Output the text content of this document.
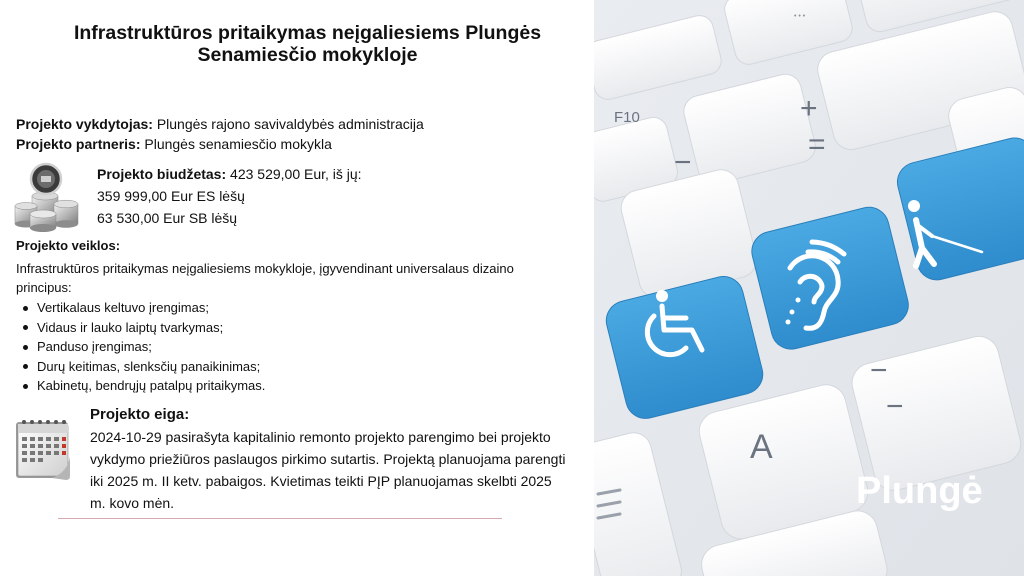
Infrastruktūros pritaikymas neįgaliesiems Plungės
Senamiesčio mokykloje
Projekto vykdytojas: Plungės rajono savivaldybės administracija
Projekto partneris: Plungės senamiesčio mokykla
Projekto biudžetas: 423 529,00 Eur, iš jų:
359 999,00 Eur ES lėšų
63 530,00 Eur SB lėšų
Projekto veiklos:
Infrastruktūros pritaikymas neįgaliesiems mokykloje, įgyvendinant universalaus dizaino principus:
Vertikalaus keltuvo įrengimas;
Vidaus ir lauko laiptų tvarkymas;
Panduso įrengimas;
Durų keitimas, slenksčių panaikinimas;
Kabinetų, bendrųjų patalpų pritaikymas.
Projekto eiga:
2024-10-29 pasirašyta kapitalinio remonto projekto parengimo bei projekto vykdymo priežiūros paslaugos pirkimo sutartis. Projektą planuojama parengti iki 2025 m. II ketv. pabaigos. Kvietimas teikti PĮP planuojamas skelbti 2025 m. kovo mėn.
• • •
F10	+
=
−
A
−
−
Plungė
